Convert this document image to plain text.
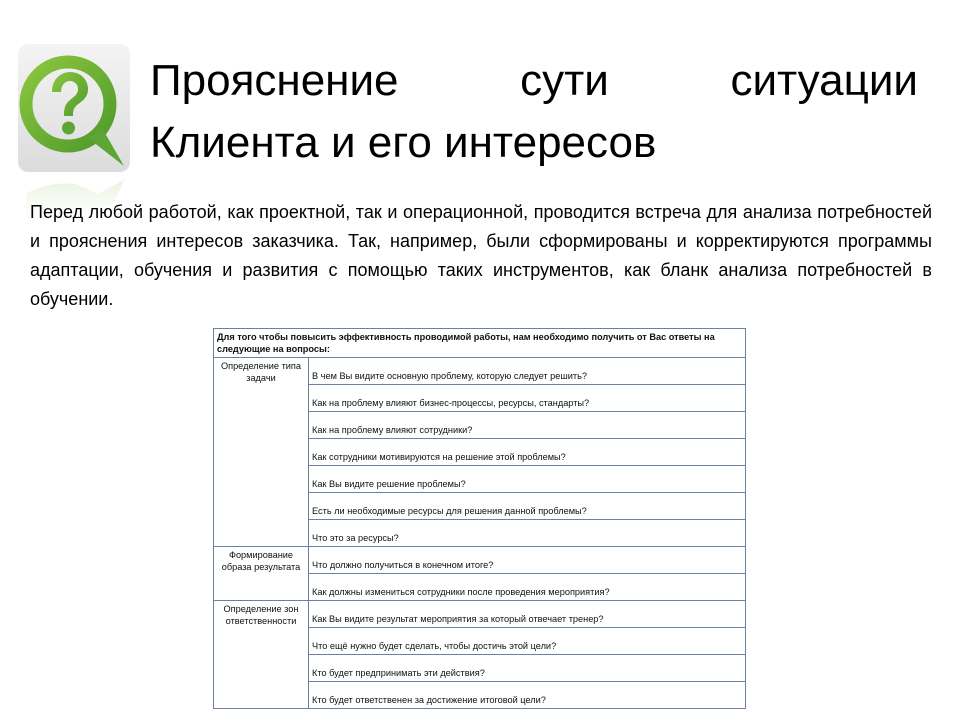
Прояснение сути ситуации
Клиента и его интересов

Перед любой работой, как проектной, так и операционной, проводится встреча для анализа потребностей и прояснения интересов заказчика. Так, например, были сформированы и корректируются программы адаптации, обучения и развития с помощью таких инструментов, как бланк анализа потребностей в обучении.

Для того чтобы повысить эффективность проводимой работы, нам необходимо получить от Вас ответы на следующие на вопросы:	
Определение типа задачи	В чем Вы видите основную проблему, которую следует решить?
	Как на проблему влияют бизнес-процессы, ресурсы, стандарты?
	Как на проблему влияют сотрудники?
	Как сотрудники мотивируются на решение этой проблемы?
	Как Вы видите решение проблемы?
	Есть ли необходимые ресурсы для решения данной проблемы?
	Что это за ресурсы?
Формирование образа результата	Что должно получиться в конечном итоге?
	Как должны измениться сотрудники после проведения мероприятия?
Определение зон ответственности	Как Вы видите результат мероприятия за который отвечает тренер?
	Что ещё нужно будет сделать, чтобы достичь этой цели?
	Кто будет предпринимать эти действия?
	Кто будет ответственен за достижение итоговой цели?
